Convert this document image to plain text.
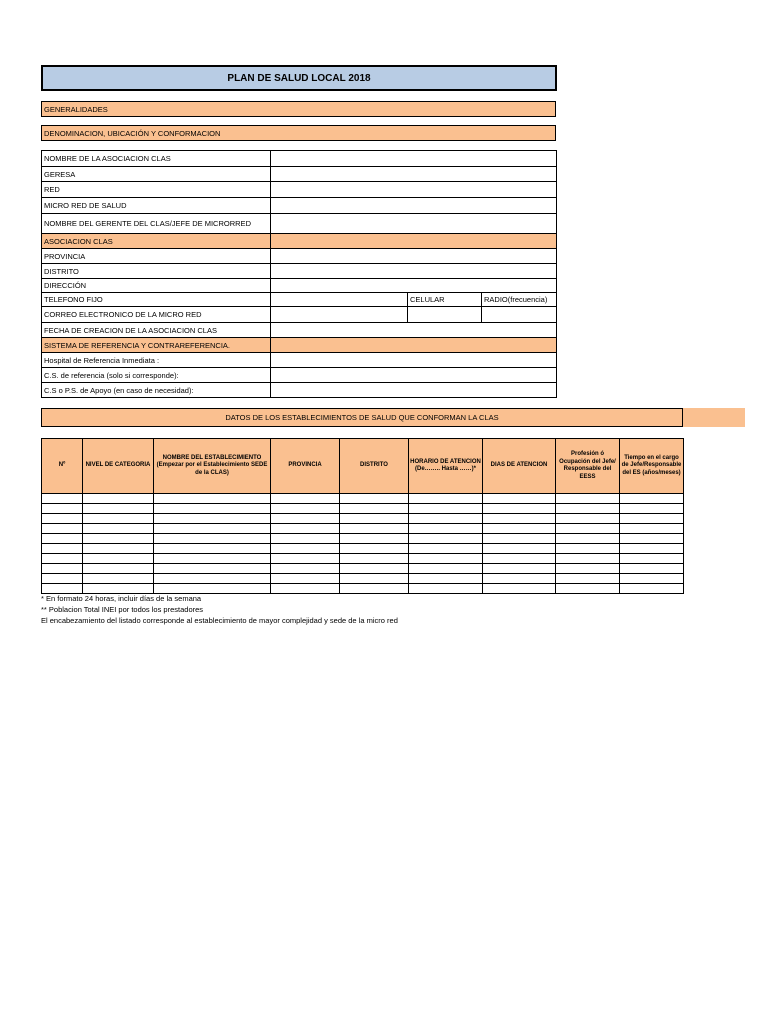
PLAN DE SALUD LOCAL 2018
GENERALIDADES
DENOMINACION, UBICACIÓN Y CONFORMACION
NOMBRE DE LA ASOCIACION CLAS			
GERESA			
RED			
MICRO RED DE SALUD			
NOMBRE DEL GERENTE DEL CLAS/JEFE DE MICRORRED			
ASOCIACION CLAS			
PROVINCIA			
DISTRITO			
DIRECCIÓN			
TELEFONO FIJO		CELULAR	RADIO(frecuencia)
CORREO ELECTRONICO DE LA MICRO RED			
FECHA DE CREACION DE LA ASOCIACION CLAS			
SISTEMA DE REFERENCIA Y CONTRAREFERENCIA.			
Hospital de Referencia Inmediata :			
C.S. de referencia (solo si corresponde):			
C.S o P.S. de Apoyo (en caso de necesidad):			
DATOS DE LOS ESTABLECIMIENTOS DE SALUD QUE CONFORMAN LA CLAS
Nº	NIVEL DE CATEGORIA	NOMBRE DEL ESTABLECIMIENTO (Empezar por el Establecimiento SEDE de la CLAS)	PROVINCIA	DISTRITO	HORARIO DE ATENCION (De…….. Hasta ……)*	DIAS DE ATENCION	Profesión ó Ocupación del Jefe/ Responsable del EESS	Tiempo en el cargo de Jefe/Responsable del ES (años/meses)

* En formato 24 horas, incluir días de la semana
** Poblacion Total INEI por todos los prestadores
El encabezamiento del listado corresponde al establecimiento de mayor complejidad y sede de la micro red
